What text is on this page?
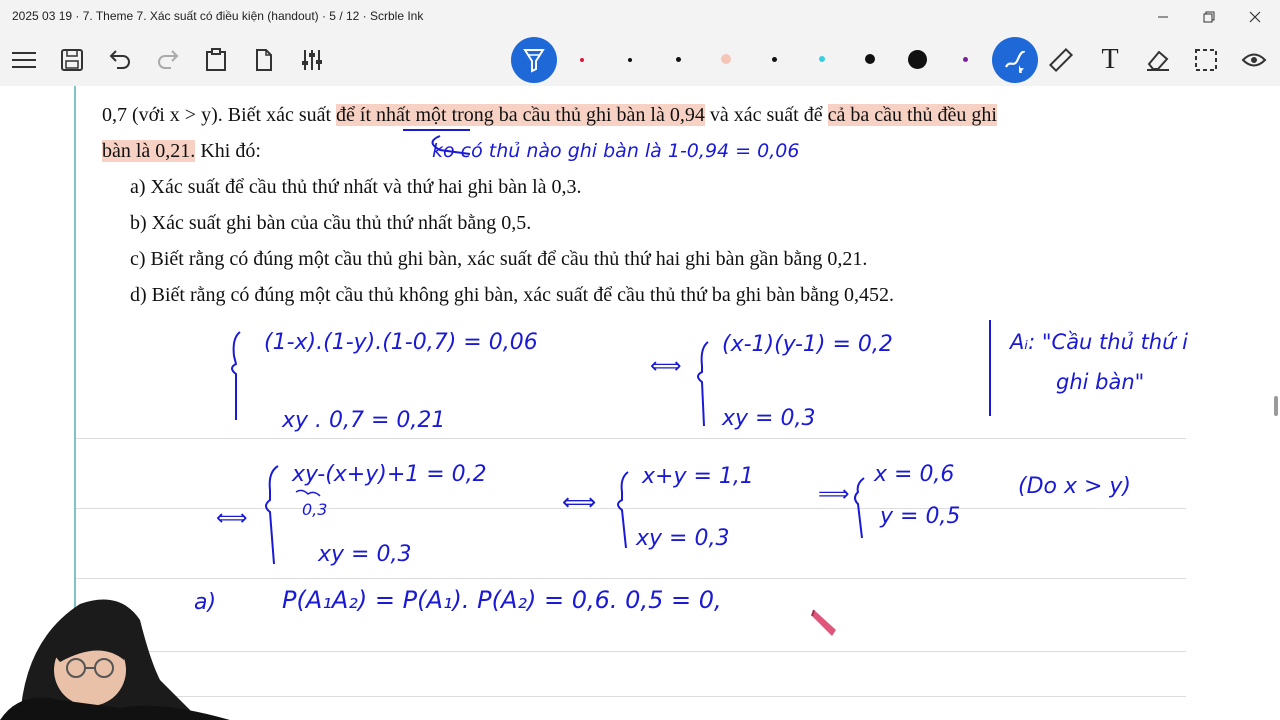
2025 03 19 · 7. Theme 7. Xác suất có điều kiện (handout) · 5 / 12 · Scrble Ink
T
0,7 (với x > y). Biết xác suất để ít nhất một trong ba cầu thủ ghi bàn là 0,94 và xác suất để cả ba cầu thủ đều ghi
bàn là 0,21. Khi đó:
a) Xác suất để cầu thủ thứ nhất và thứ hai ghi bàn là 0,3.
b) Xác suất ghi bàn của cầu thủ thứ nhất bằng 0,5.
c) Biết rằng có đúng một cầu thủ ghi bàn, xác suất để cầu thủ thứ hai ghi bàn gần bằng 0,21.
d) Biết rằng có đúng một cầu thủ không ghi bàn, xác suất để cầu thủ thứ ba ghi bàn bằng 0,452.
ko có thủ nào ghi bàn là 1-0,94 = 0,06
(1-x).(1-y).(1-0,7) = 0,06
xy . 0,7 = 0,21
⟺
(x-1)(y-1) = 0,2
xy = 0,3
Aᵢ: "Cầu thủ thứ i
ghi bàn"
⟺
xy-(x+y)+1 = 0,2
0,3
xy = 0,3
⟺
x+y = 1,1
xy = 0,3
⟹
x = 0,6
y = 0,5
(Do x > y)
a)	P(A₁A₂) = P(A₁). P(A₂) = 0,6. 0,5 = 0,
